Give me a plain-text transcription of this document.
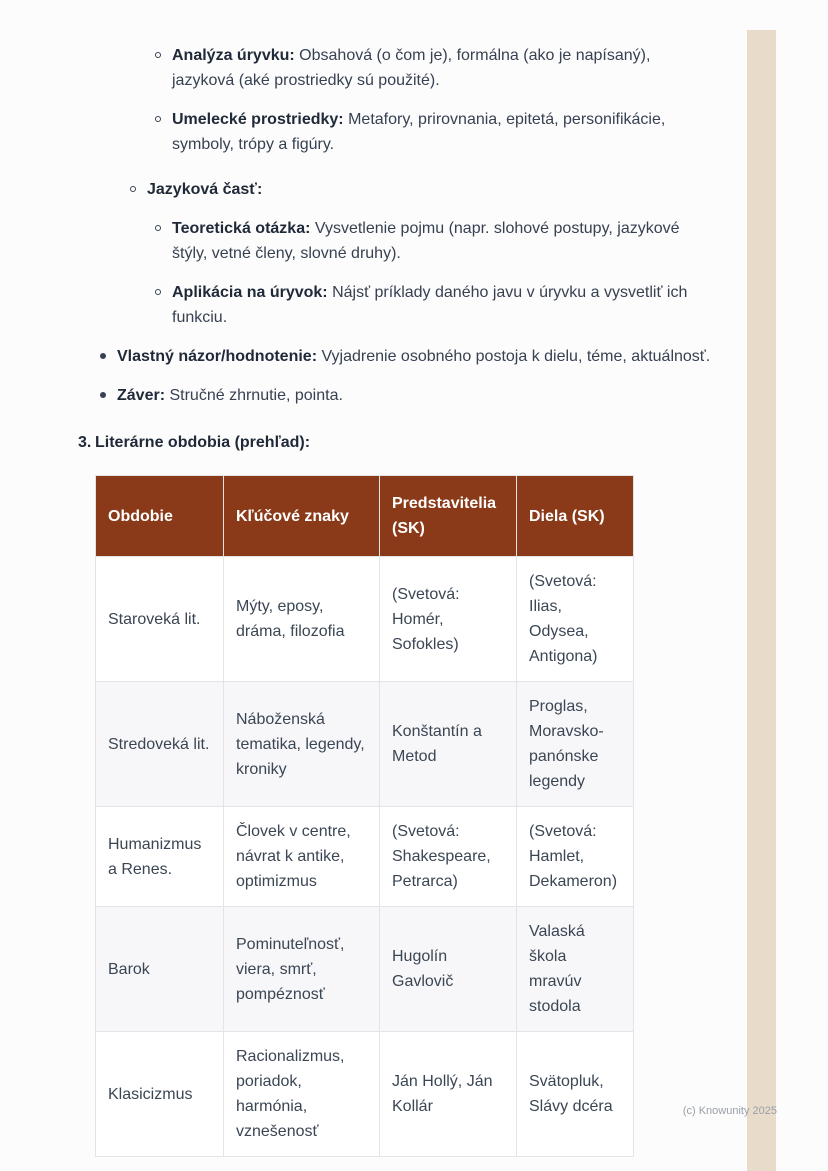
Analýza úryvku: Obsahová (o čom je), formálna (ako je napísaný), jazyková (aké prostriedky sú použité).
Umelecké prostriedky: Metafory, prirovnania, epitetá, personifikácie, symboly, trópy a figúry.
Jazyková časť:
Teoretická otázka: Vysvetlenie pojmu (napr. slohové postupy, jazykové štýly, vetné členy, slovné druhy).
Aplikácia na úryvok: Nájsť príklady daného javu v úryvku a vysvetliť ich funkciu.
Vlastný názor/hodnotenie: Vyjadrenie osobného postoja k dielu, téme, aktuálnosť.
Záver: Stručné zhrnutie, pointa.
3. Literárne obdobia (prehľad):
Obdobie	Kľúčové znaky	Predstavitelia (SK)	Diela (SK)
Staroveká lit.	Mýty, eposy, dráma, filozofia	(Svetová: Homér, Sofokles)	(Svetová: Ilias, Odysea, Antigona)
Stredoveká lit.	Náboženská tematika, legendy, kroniky	Konštantín a Metod	Proglas, Moravsko-panónske legendy
Humanizmus a Renes.	Človek v centre, návrat k antike, optimizmus	(Svetová: Shakespeare, Petrarca)	(Svetová: Hamlet, Dekameron)
Barok	Pominuteľnosť, viera, smrť, pompéznosť	Hugolín Gavlovič	Valaská škola mravúv stodola
Klasicizmus	Racionalizmus, poriadok, harmónia, vznešenosť	Ján Hollý, Ján Kollár	Svätopluk, Slávy dcéra	(c) Knowunity 2025
